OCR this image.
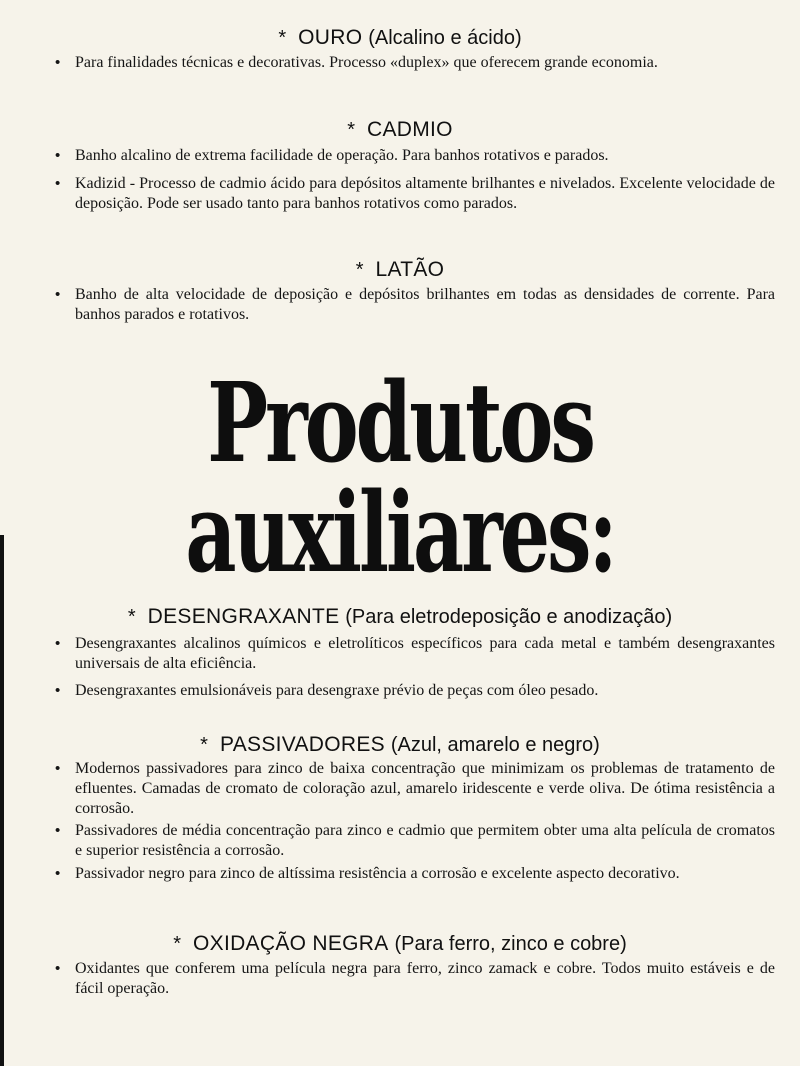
* OURO (Alcalino e ácido)
• Para finalidades técnicas e decorativas. Processo «duplex» que oferecem grande economia.
* CADMIO
• Banho alcalino de extrema facilidade de operação. Para banhos rotativos e parados.
• Kadizid - Processo de cadmio ácido para depósitos altamente brilhantes e nivelados. Excelente velocidade de deposição. Pode ser usado tanto para banhos rotativos como parados.
* LATÃO
• Banho de alta velocidade de deposição e depósitos brilhantes em todas as densidades de corrente. Para banhos parados e rotativos.
Produtos
auxiliares:
* DESENGRAXANTE (Para eletrodeposição e anodização)
• Desengraxantes alcalinos químicos e eletrolíticos específicos para cada metal e também desengraxantes universais de alta eficiência.
• Desengraxantes emulsionáveis para desengraxe prévio de peças com óleo pesado.
* PASSIVADORES (Azul, amarelo e negro)
• Modernos passivadores para zinco de baixa concentração que minimizam os problemas de tratamento de efluentes. Camadas de cromato de coloração azul, amarelo iridescente e verde oliva. De ótima resistência a corrosão.
• Passivadores de média concentração para zinco e cadmio que permitem obter uma alta película de cromatos e superior resistência a corrosão.
• Passivador negro para zinco de altíssima resistência a corrosão e excelente aspecto decorativo.
* OXIDAÇÃO NEGRA (Para ferro, zinco e cobre)
• Oxidantes que conferem uma película negra para ferro, zinco zamack e cobre. Todos muito estáveis e de fácil operação.
